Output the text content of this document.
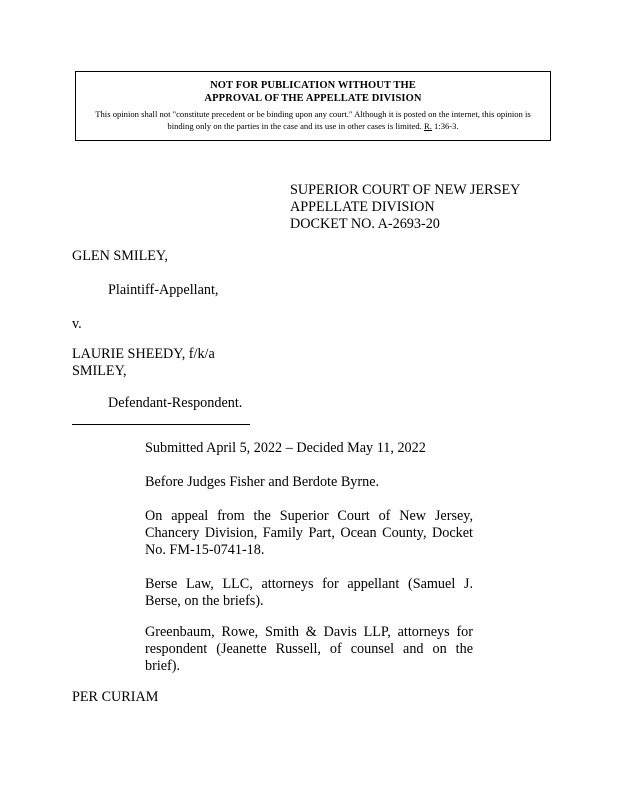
NOT FOR PUBLICATION WITHOUT THE
APPROVAL OF THE APPELLATE DIVISION
This opinion shall not "constitute precedent or be binding upon any court." Although it is posted on the internet, this opinion is binding only on the parties in the case and its use in other cases is limited. R. 1:36-3.
SUPERIOR COURT OF NEW JERSEY
APPELLATE DIVISION
DOCKET NO. A-2693-20
GLEN SMILEY,
Plaintiff-Appellant,
v.
LAURIE SHEEDY, f/k/a
SMILEY,
Defendant-Respondent.
Submitted April 5, 2022 – Decided May 11, 2022
Before Judges Fisher and Berdote Byrne.
On appeal from the Superior Court of New Jersey, Chancery Division, Family Part, Ocean County, Docket No. FM-15-0741-18.
Berse Law, LLC, attorneys for appellant (Samuel J. Berse, on the briefs).
Greenbaum, Rowe, Smith & Davis LLP, attorneys for respondent (Jeanette Russell, of counsel and on the brief).
PER CURIAM
